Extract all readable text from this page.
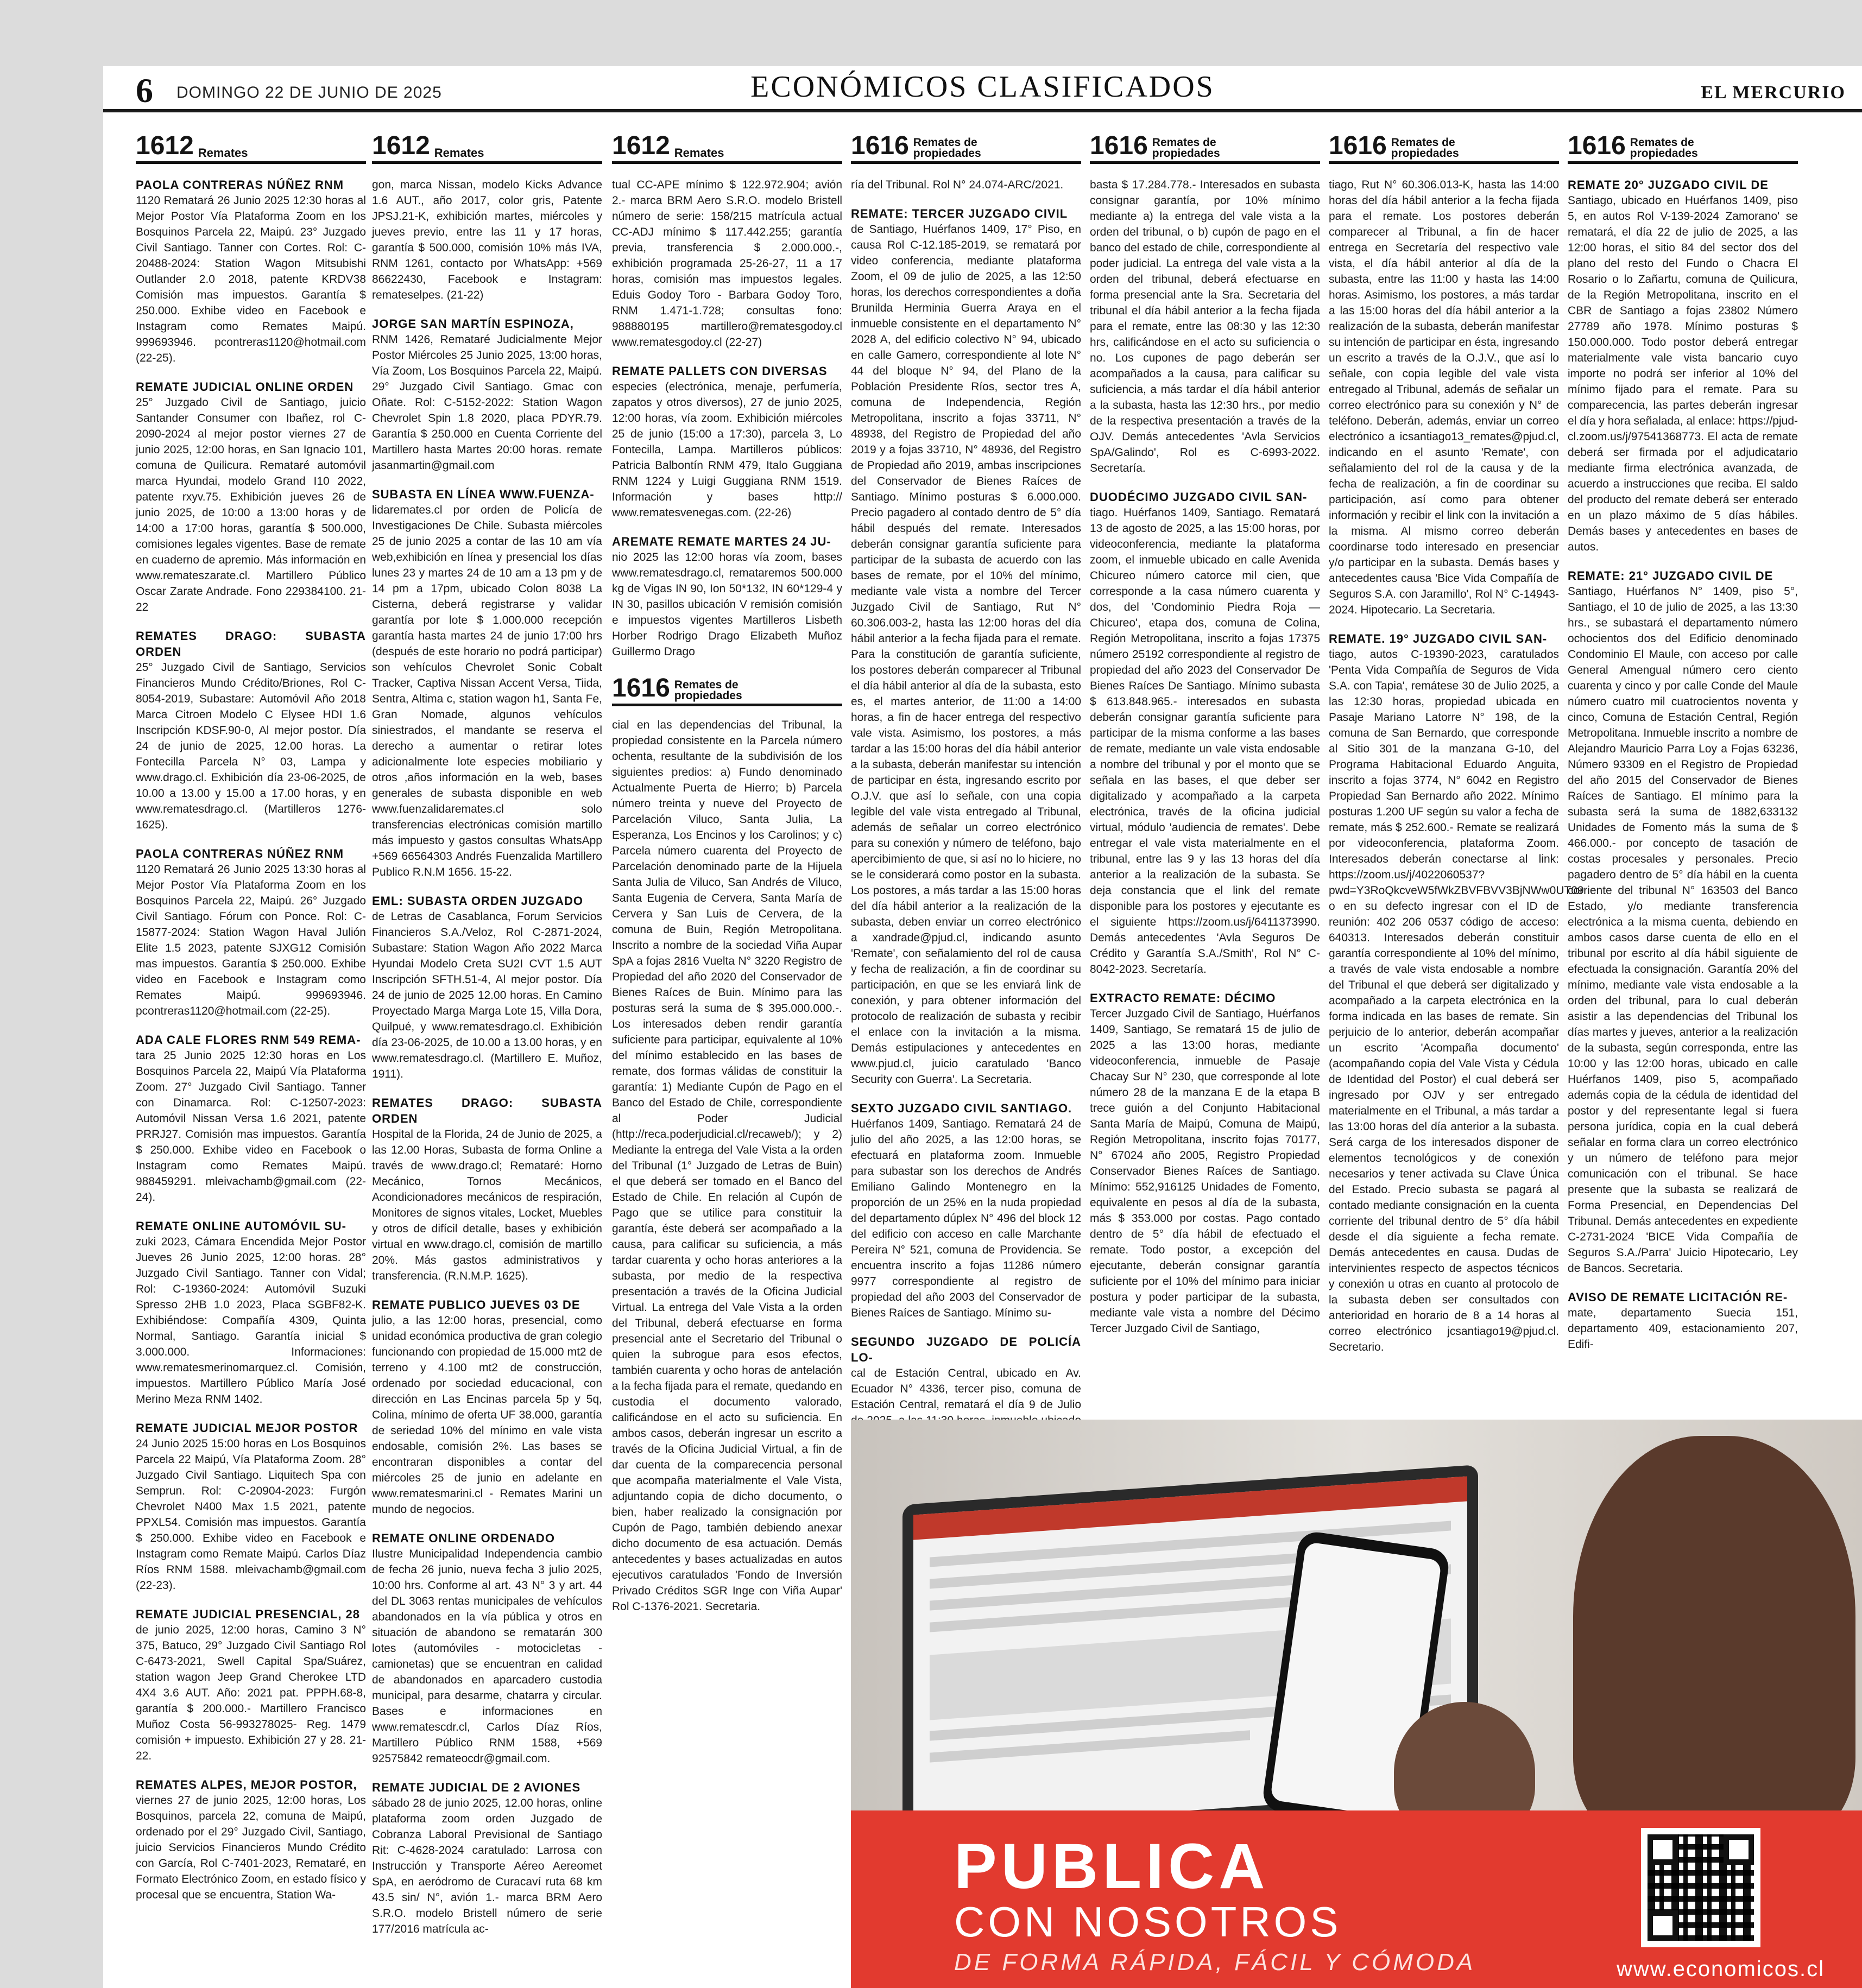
6 DOMINGO 22 DE JUNIO DE 2025	ECONÓMICOS CLASIFICADOS	EL MERCURIO
1612 Remates
PAOLA CONTRERAS NÚÑEZ RNM
1120 Rematará 26 Junio 2025 12:30 horas al Mejor Postor Vía Plataforma Zoom en los Bosquinos Parcela 22, Maipú. 23° Juzgado Civil Santiago. Tanner con Cortes. Rol: C-20488-2024: Station Wagon Mitsubishi Outlander 2.0 2018, patente KRDV38 Comisión mas impuestos. Garantía $ 250.000. Exhibe video en Facebook e Instagram como Remates Maipú. 999693946. pcontreras1120@hotmail.com (22-25).
REMATE JUDICIAL ONLINE ORDEN
25° Juzgado Civil de Santiago, juicio Santander Consumer con Ibañez, rol C-2090-2024 al mejor postor viernes 27 de junio 2025, 12:00 horas, en San Ignacio 101, comuna de Quilicura. Remataré automóvil marca Hyundai, modelo Grand I10 2022, patente rxyv.75. Exhibición jueves 26 de junio 2025, de 10:00 a 13:00 horas y de 14:00 a 17:00 horas, garantía $ 500.000, comisiones legales vigentes. Base de remate en cuaderno de apremio. Más información en www.remateszarate.cl. Martillero Público Oscar Zarate Andrade. Fono 229384100. 21-22
REMATES DRAGO: SUBASTA ORDEN
25° Juzgado Civil de Santiago, Servicios Financieros Mundo Crédito/Briones, Rol C-8054-2019, Subastare: Automóvil Año 2018 Marca Citroen Modelo C Elysee HDI 1.6 Inscripción KDSF.90-0, Al mejor postor. Día 24 de junio de 2025, 12.00 horas. La Fontecilla Parcela N° 03, Lampa y www.drago.cl. Exhibición día 23-06-2025, de 10.00 a 13.00 y 15.00 a 17.00 horas, y en www.rematesdrago.cl. (Martilleros 1276-1625).
PAOLA CONTRERAS NÚÑEZ RNM
1120 Rematará 26 Junio 2025 13:30 horas al Mejor Postor Vía Plataforma Zoom en los Bosquinos Parcela 22, Maipú. 26° Juzgado Civil Santiago. Fórum con Ponce. Rol: C-15877-2024: Station Wagon Haval Julión Elite 1.5 2023, patente SJXG12 Comisión mas impuestos. Garantía $ 250.000. Exhibe video en Facebook e Instagram como Remates Maipú. 999693946. pcontreras1120@hotmail.com (22-25).
ADA CALE FLORES RNM 549 REMA-
tara 25 Junio 2025 12:30 horas en Los Bosquinos Parcela 22, Maipú Vía Plataforma Zoom. 27° Juzgado Civil Santiago. Tanner con Dinamarca. Rol: C-12507-2023: Automóvil Nissan Versa 1.6 2021, patente PRRJ27. Comisión mas impuestos. Garantía $ 250.000. Exhibe video en Facebook o Instagram como Remates Maipú. 988459291. mleivachamb@gmail.com (22-24).
REMATE ONLINE AUTOMÓVIL SU-
zuki 2023, Cámara Encendida Mejor Postor Jueves 26 Junio 2025, 12:00 horas. 28° Juzgado Civil Santiago. Tanner con Vidal; Rol: C-19360-2024: Automóvil Suzuki Spresso 2HB 1.0 2023, Placa SGBF82-K. Exhibiéndose: Compañía 4309, Quinta Normal, Santiago. Garantía inicial $ 3.000.000. Informaciones: www.rematesmerinomarquez.cl. Comisión, impuestos. Martillero Público María José Merino Meza RNM 1402.
REMATE JUDICIAL MEJOR POSTOR
24 Junio 2025 15:00 horas en Los Bosquinos Parcela 22 Maipú, Vía Plataforma Zoom. 28° Juzgado Civil Santiago. Liquitech Spa con Semprun. Rol: C-20904-2023: Furgón Chevrolet N400 Max 1.5 2021, patente PPXL54. Comisión mas impuestos. Garantía $ 250.000. Exhibe video en Facebook e Instagram como Remate Maipú. Carlos Díaz Ríos RNM 1588. mleivachamb@gmail.com (22-23).
REMATE JUDICIAL PRESENCIAL, 28
de junio 2025, 12:00 horas, Camino 3 N° 375, Batuco, 29° Juzgado Civil Santiago Rol C-6473-2021, Swell Capital Spa/Suárez, station wagon Jeep Grand Cherokee LTD 4X4 3.6 AUT. Año: 2021 pat. PPPH.68-8, garantía $ 200.000.- Martillero Francisco Muñoz Costa 56-993278025- Reg. 1479 comisión + impuesto. Exhibición 27 y 28. 21-22.
REMATES ALPES, MEJOR POSTOR,
viernes 27 de junio 2025, 12:00 horas, Los Bosquinos, parcela 22, comuna de Maipú, ordenado por el 29° Juzgado Civil, Santiago, juicio Servicios Financieros Mundo Crédito con García, Rol C-7401-2023, Remataré, en Formato Electrónico Zoom, en estado físico y procesal que se encuentra, Station Wa-
1612 Remates
gon, marca Nissan, modelo Kicks Advance 1.6 AUT., año 2017, color gris, Patente JPSJ.21-K, exhibición martes, miércoles y jueves previo, entre las 11 y 17 horas, garantía $ 500.000, comisión 10% más IVA, RNM 1261, contacto por WhatsApp: +569 86622430, Facebook e Instagram: remateselpes. (21-22)
JORGE SAN MARTÍN ESPINOZA,
RNM 1426, Remataré Judicialmente Mejor Postor Miércoles 25 Junio 2025, 13:00 horas, Vía Zoom, Los Bosquinos Parcela 22, Maipú. 29° Juzgado Civil Santiago. Gmac con Oñate. Rol: C-5152-2022: Station Wagon Chevrolet Spin 1.8 2020, placa PDYR.79. Garantía $ 250.000 en Cuenta Corriente del Martillero hasta Martes 20:00 horas. remate jasanmartin@gmail.com
SUBASTA EN LÍNEA WWW.FUENZA-
lidaremates.cl por orden de Policía de Investigaciones De Chile. Subasta miércoles 25 de junio 2025 a contar de las 10 am vía web,exhibición en línea y presencial los días lunes 23 y martes 24 de 10 am a 13 pm y de 14 pm a 17pm, ubicado Colon 8038 La Cisterna, deberá registrarse y validar garantía por lote $ 1.000.000 recepción garantía hasta martes 24 de junio 17:00 hrs (después de este horario no podrá participar) son vehículos Chevrolet Sonic Cobalt Tracker, Captiva Nissan Accent Versa, Tiida, Sentra, Altima c, station wagon h1, Santa Fe, Gran Nomade, algunos vehículos siniestrados, el mandante se reserva el derecho a aumentar o retirar lotes adicionalmente lote especies mobiliario y otros ,años información en la web, bases generales de subasta disponible en web www.fuenzalidaremates.cl solo transferencias electrónicas comisión martillo más impuesto y gastos consultas WhatsApp +569 66564303 Andrés Fuenzalida Martillero Publico R.N.M 1656. 15-22.
EML: SUBASTA ORDEN JUZGADO
de Letras de Casablanca, Forum Servicios Financieros S.A./Veloz, Rol C-2871-2024, Subastare: Station Wagon Año 2022 Marca Hyundai Modelo Creta SU2I CVT 1.5 AUT Inscripción SFTH.51-4, Al mejor postor. Día 24 de junio de 2025 12.00 horas. En Camino Proyectado Marga Marga Lote 15, Villa Dora, Quilpué, y www.rematesdrago.cl. Exhibición día 23-06-2025, de 10.00 a 13.00 horas, y en www.rematesdrago.cl. (Martillero E. Muñoz, 1911).
REMATES DRAGO: SUBASTA ORDEN
Hospital de la Florida, 24 de Junio de 2025, a las 12.00 Horas, Subasta de forma Online a través de www.drago.cl; Remataré: Horno Mecánico, Tornos Mecánicos, Acondicionadores mecánicos de respiración, Monitores de signos vitales, Locket, Muebles y otros de difícil detalle, bases y exhibición virtual en www.drago.cl, comisión de martillo 20%. Más gastos administrativos y transferencia. (R.N.M.P. 1625).
REMATE PUBLICO JUEVES 03 DE
julio, a las 12:00 horas, presencial, como unidad económica productiva de gran colegio funcionando con propiedad de 15.000 mt2 de terreno y 4.100 mt2 de construcción, ordenado por sociedad educacional, con dirección en Las Encinas parcela 5p y 5q, Colina, mínimo de oferta UF 38.000, garantía de seriedad 10% del mínimo en vale vista endosable, comisión 2%. Las bases se encontraran disponibles a contar del miércoles 25 de junio en adelante en www.rematesmarini.cl - Remates Marini un mundo de negocios.
REMATE ONLINE ORDENADO
Ilustre Municipalidad Independencia cambio de fecha 26 junio, nueva fecha 3 julio 2025, 10:00 hrs. Conforme al art. 43 N° 3 y art. 44 del DL 3063 rentas municipales de vehículos abandonados en la vía pública y otros en situación de abandono se rematarán 300 lotes (automóviles - motocicletas - camionetas) que se encuentran en calidad de abandonados en aparcadero custodia municipal, para desarme, chatarra y circular. Bases e informaciones en www.rematescdr.cl, Carlos Díaz Ríos, Martillero Público RNM 1588, +569 92575842 remateocdr@gmail.com.
REMATE JUDICIAL DE 2 AVIONES
sábado 28 de junio 2025, 12.00 horas, online plataforma zoom orden Juzgado de Cobranza Laboral Previsional de Santiago Rit: C-4628-2024 caratulado: Larrosa con Instrucción y Transporte Aéreo Aereomet SpA, en aeródromo de Curacaví ruta 68 km 43.5 sin/ N°, avión 1.- marca BRM Aero S.R.O. modelo Bristell número de serie 177/2016 matrícula ac-
1612 Remates
tual CC-APE mínimo $ 122.972.904; avión 2.- marca BRM Aero S.R.O. modelo Bristell número de serie: 158/215 matrícula actual CC-ADJ mínimo $ 117.442.255; garantía previa, transferencia $ 2.000.000.-, exhibición programada 25-26-27, 11 a 17 horas, comisión mas impuestos legales. Eduis Godoy Toro - Barbara Godoy Toro, RNM 1.471-1.728; consultas fono: 988880195 martillero@rematesgodoy.cl www.rematesgodoy.cl (22-27)
REMATE PALLETS CON DIVERSAS
especies (electrónica, menaje, perfumería, zapatos y otros diversos), 27 de junio 2025, 12:00 horas, vía zoom. Exhibición miércoles 25 de junio (15:00 a 17:30), parcela 3, Lo Fontecilla, Lampa. Martilleros públicos: Patricia Balbontín RNM 479, Italo Guggiana RNM 1224 y Luigi Guggiana RNM 1519. Información y bases http:// www.rematesvenegas.com. (22-26)
AREMATE REMATE MARTES 24 JU-
nio 2025 las 12:00 horas vía zoom, bases www.rematesdrago.cl, remataremos 500.000 kg de Vigas IN 90, Ion 50*132, IN 60*129-4 y IN 30, pasillos ubicación V remisión comisión e impuestos vigentes Martilleros Lisbeth Horber Rodrigo Drago Elizabeth Muñoz Guillermo Drago
1616 Remates de
propiedades
cial en las dependencias del Tribunal, la propiedad consistente en la Parcela número ochenta, resultante de la subdivisión de los siguientes predios: a) Fundo denominado Actualmente Puerta de Hierro; b) Parcela número treinta y nueve del Proyecto de Parcelación Viluco, Santa Julia, La Esperanza, Los Encinos y los Carolinos; y c) Parcela número cuarenta del Proyecto de Parcelación denominado parte de la Hijuela Santa Julia de Viluco, San Andrés de Viluco, Santa Eugenia de Cervera, Santa María de Cervera y San Luis de Cervera, de la comuna de Buin, Región Metropolitana. Inscrito a nombre de la sociedad Viña Aupar SpA a fojas 2816 Vuelta N° 3220 Registro de Propiedad del año 2020 del Conservador de Bienes Raíces de Buin. Mínimo para las posturas será la suma de $ 395.000.000.-. Los interesados deben rendir garantía suficiente para participar, equivalente al 10% del mínimo establecido en las bases de remate, dos formas válidas de constituir la garantía: 1) Mediante Cupón de Pago en el Banco del Estado de Chile, correspondiente al Poder Judicial (http://reca.poderjudicial.cl/recaweb/); y 2) Mediante la entrega del Vale Vista a la orden del Tribunal (1° Juzgado de Letras de Buin) el que deberá ser tomado en el Banco del Estado de Chile. En relación al Cupón de Pago que se utilice para constituir la garantía, éste deberá ser acompañado a la causa, para calificar su suficiencia, a más tardar cuarenta y ocho horas anteriores a la subasta, por medio de la respectiva presentación a través de la Oficina Judicial Virtual. La entrega del Vale Vista a la orden del Tribunal, deberá efectuarse en forma presencial ante el Secretario del Tribunal o quien la subrogue para esos efectos, también cuarenta y ocho horas de antelación a la fecha fijada para el remate, quedando en custodia el documento valorado, calificándose en el acto su suficiencia. En ambos casos, deberán ingresar un escrito a través de la Oficina Judicial Virtual, a fin de dar cuenta de la comparecencia personal que acompaña materialmente el Vale Vista, adjuntando copia de dicho documento, o bien, haber realizado la consignación por Cupón de Pago, también debiendo anexar dicho documento de esa actuación. Demás antecedentes y bases actualizadas en autos ejecutivos caratulados 'Fondo de Inversión Privado Créditos SGR Inge con Viña Aupar' Rol C-1376-2021. Secretaria.
1616 Remates de
propiedades
ría del Tribunal. Rol N° 24.074-ARC/2021.
REMATE: TERCER JUZGADO CIVIL
de Santiago, Huérfanos 1409, 17° Piso, en causa Rol C-12.185-2019, se rematará por video conferencia, mediante plataforma Zoom, el 09 de julio de 2025, a las 12:50 horas, los derechos correspondientes a doña Brunilda Herminia Guerra Araya en el inmueble consistente en el departamento N° 2028 A, del edificio colectivo N° 94, ubicado en calle Gamero, correspondiente al lote N° 44 del bloque N° 94, del Plano de la Población Presidente Ríos, sector tres A, comuna de Independencia, Región Metropolitana, inscrito a fojas 33711, N° 48938, del Registro de Propiedad del año 2019 y a fojas 33710, N° 48936, del Registro de Propiedad año 2019, ambas inscripciones del Conservador de Bienes Raíces de Santiago. Mínimo posturas $ 6.000.000. Precio pagadero al contado dentro de 5° día hábil después del remate. Interesados deberán consignar garantía suficiente para participar de la subasta de acuerdo con las bases de remate, por el 10% del mínimo, mediante vale vista a nombre del Tercer Juzgado Civil de Santiago, Rut N° 60.306.003-2, hasta las 12:00 horas del día hábil anterior a la fecha fijada para el remate. Para la constitución de garantía suficiente, los postores deberán comparecer al Tribunal el día hábil anterior al día de la subasta, esto es, el martes anterior, de 11:00 a 14:00 horas, a fin de hacer entrega del respectivo vale vista. Asimismo, los postores, a más tardar a las 15:00 horas del día hábil anterior a la subasta, deberán manifestar su intención de participar en ésta, ingresando escrito por O.J.V. que así lo señale, con una copia legible del vale vista entregado al Tribunal, además de señalar un correo electrónico para su conexión y número de teléfono, bajo apercibimiento de que, si así no lo hiciere, no se le considerará como postor en la subasta. Los postores, a más tardar a las 15:00 horas del día hábil anterior a la realización de la subasta, deben enviar un correo electrónico a xandrade@pjud.cl, indicando asunto 'Remate', con señalamiento del rol de causa y fecha de realización, a fin de coordinar su participación, en que se les enviará link de conexión, y para obtener información del protocolo de realización de subasta y recibir el enlace con la invitación a la misma. Demás estipulaciones y antecedentes en www.pjud.cl, juicio caratulado 'Banco Security con Guerra'. La Secretaria.
SEXTO JUZGADO CIVIL SANTIAGO.
Huérfanos 1409, Santiago. Rematará 24 de julio del año 2025, a las 12:00 horas, se efectuará en plataforma zoom. Inmueble para subastar son los derechos de Andrés Emiliano Galindo Montenegro en la proporción de un 25% en la nuda propiedad del departamento dúplex N° 496 del block 12 del edificio con acceso en calle Marchante Pereira N° 521, comuna de Providencia. Se encuentra inscrito a fojas 11286 número 9977 correspondiente al registro de propiedad del año 2003 del Conservador de Bienes Raíces de Santiago. Mínimo su-
SEGUNDO JUZGADO DE POLICÍA LO-
cal de Estación Central, ubicado en Av. Ecuador N° 4336, tercer piso, comuna de Estación Central, rematará el día 9 de Julio
1616 Remates de
propiedades
basta $ 17.284.778.- Interesados en subasta consignar garantía, por 10% mínimo mediante a) la entrega del vale vista a la orden del tribunal, o b) cupón de pago en el banco del estado de chile, correspondiente al poder judicial. La entrega del vale vista a la orden del tribunal, deberá efectuarse en forma presencial ante la Sra. Secretaria del tribunal el día hábil anterior a la fecha fijada para el remate, entre las 08:30 y las 12:30 hrs, calificándose en el acto su suficiencia o no. Los cupones de pago deberán ser acompañados a la causa, para calificar su suficiencia, a más tardar el día hábil anterior a la subasta, hasta las 12:30 hrs., por medio de la respectiva presentación a través de la OJV. Demás antecedentes 'Avla Servicios SpA/Galindo', Rol es C-6993-2022. Secretaría.
DUODÉCIMO JUZGADO CIVIL SAN-
tiago. Huérfanos 1409, Santiago. Rematará 13 de agosto de 2025, a las 15:00 horas, por videoconferencia, mediante la plataforma zoom, el inmueble ubicado en calle Avenida Chicureo número catorce mil cien, que corresponde a la casa número cuarenta y dos, del 'Condominio Piedra Roja — Chicureo', etapa dos, comuna de Colina, Región Metropolitana, inscrito a fojas 17375 número 25192 correspondiente al registro de propiedad del año 2023 del Conservador De Bienes Raíces De Santiago. Mínimo subasta $ 613.848.965.- interesados en subasta deberán consignar garantía suficiente para participar de la misma conforme a las bases de remate, mediante un vale vista endosable a nombre del tribunal y por el monto que se señala en las bases, el que deber ser digitalizado y acompañado a la carpeta electrónica, través de la oficina judicial virtual, módulo 'audiencia de remates'. Debe entregar el vale vista materialmente en el tribunal, entre las 9 y las 13 horas del día anterior a la realización de la subasta. Se deja constancia que el link del remate disponible para los postores y ejecutante es el siguiente https://zoom.us/j/6411373990. Demás antecedentes 'Avla Seguros De Crédito y Garantía S.A./Smith', Rol N° C-8042-2023. Secretaría.
EXTRACTO REMATE: DÉCIMO
Tercer Juzgado Civil de Santiago, Huérfanos 1409, Santiago, Se rematará 15 de julio de 2025 a las 13:00 horas, mediante videoconferencia, inmueble de Pasaje Chacay Sur N° 230, que corresponde al lote número 28 de la manzana E de la etapa B trece guión a del Conjunto Habitacional Santa María de Maipú, Comuna de Maipú, Región Metropolitana, inscrito fojas 70177, N° 67024 año 2005, Registro Propiedad Conservador Bienes Raíces de Santiago. Mínimo: 552,916125 Unidades de Fomento, equivalente en pesos al día de la subasta, más $ 353.000 por costas. Pago contado dentro de 5° día hábil de efectuado el remate. Todo postor, a excepción del ejecutante, deberán consignar garantía suficiente por el 10% del mínimo para iniciar postura y poder participar de la subasta, mediante vale vista a nombre del Décimo Tercer Juzgado Civil de Santiago,
1616 Remates de
propiedades
tiago, Rut N° 60.306.013-K, hasta las 14:00 horas del día hábil anterior a la fecha fijada para el remate. Los postores deberán comparecer al Tribunal, a fin de hacer entrega en Secretaría del respectivo vale vista, el día hábil anterior al día de la subasta, entre las 11:00 y hasta las 14:00 horas. Asimismo, los postores, a más tardar a las 15:00 horas del día hábil anterior a la realización de la subasta, deberán manifestar su intención de participar en ésta, ingresando un escrito a través de la O.J.V., que así lo señale, con copia legible del vale vista entregado al Tribunal, además de señalar un correo electrónico para su conexión y N° de teléfono. Deberán, además, enviar un correo electrónico a icsantiago13_remates@pjud.cl, indicando en el asunto 'Remate', con señalamiento del rol de la causa y de la fecha de realización, a fin de coordinar su participación, así como para obtener información y recibir el link con la invitación a la misma. Al mismo correo deberán coordinarse todo interesado en presenciar y/o participar en la subasta. Demás bases y antecedentes causa 'Bice Vida Compañía de Seguros S.A. con Jaramillo', Rol N° C-14943-2024. Hipotecario. La Secretaria.
REMATE. 19° JUZGADO CIVIL SAN-
tiago, autos C-19390-2023, caratulados 'Penta Vida Compañía de Seguros de Vida S.A. con Tapia', remátese 30 de Julio 2025, a las 12:30 horas, propiedad ubicada en Pasaje Mariano Latorre N° 198, de la comuna de San Bernardo, que corresponde al Sitio 301 de la manzana G-10, del Programa Habitacional Eduardo Anguita, inscrito a fojas 3774, N° 6042 en Registro Propiedad San Bernardo año 2022. Mínimo posturas 1.200 UF según su valor a fecha de remate, más $ 252.600.- Remate se realizará por videoconferencia, plataforma Zoom. Interesados deberán conectarse al link: https://zoom.us/j/4022060537?pwd=Y3RoQkcveW5fWkZBVFBVV3BjNWw0UT09 o en su defecto ingresar con el ID de reunión: 402 206 0537 código de acceso: 640313. Interesados deberán constituir garantía correspondiente al 10% del mínimo, a través de vale vista endosable a nombre del Tribunal el que deberá ser digitalizado y acompañado a la carpeta electrónica en la forma indicada en las bases de remate. Sin perjuicio de lo anterior, deberán acompañar un escrito 'Acompaña documento' (acompañando copia del Vale Vista y Cédula de Identidad del Postor) el cual deberá ser ingresado por OJV y ser entregado materialmente en el Tribunal, a más tardar a las 13:00 horas del día anterior a la subasta. Será carga de los interesados disponer de elementos tecnológicos y de conexión necesarios y tener activada su Clave Única del Estado. Precio subasta se pagará al contado mediante consignación en la cuenta corriente del tribunal dentro de 5° día hábil desde el día siguiente a fecha remate. Demás antecedentes en causa. Dudas de intervinientes respecto de aspectos técnicos y conexión u otras en cuanto al protocolo de la subasta deben ser consultados con anterioridad en horario de 8 a 14 horas al correo electrónico jcsantiago19@pjud.cl. Secretario.
1616 Remates de
propiedades
REMATE 20° JUZGADO CIVIL DE
Santiago, ubicado en Huérfanos 1409, piso 5, en autos Rol V-139-2024 Zamorano' se rematará, el día 22 de julio de 2025, a las 12:00 horas, el sitio 84 del sector dos del plano del resto del Fundo o Chacra El Rosario o lo Zañartu, comuna de Quilicura, de la Región Metropolitana, inscrito en el CBR de Santiago a fojas 23802 Número 27789 año 1978. Mínimo posturas $ 150.000.000. Todo postor deberá entregar materialmente vale vista bancario cuyo importe no podrá ser inferior al 10% del mínimo fijado para el remate. Para su comparecencia, las partes deberán ingresar el día y hora señalada, al enlace: https://pjud-cl.zoom.us/j/97541368773. El acta de remate deberá ser firmada por el adjudicatario mediante firma electrónica avanzada, de acuerdo a instrucciones que reciba. El saldo del producto del remate deberá ser enterado en un plazo máximo de 5 días hábiles. Demás bases y antecedentes en bases de autos.
REMATE: 21° JUZGADO CIVIL DE
Santiago, Huérfanos N° 1409, piso 5°, Santiago, el 10 de julio de 2025, a las 13:30 hrs., se subastará el departamento número ochocientos dos del Edificio denominado Condominio El Maule, con acceso por calle General Amengual número cero ciento cuarenta y cinco y por calle Conde del Maule número cuatro mil cuatrocientos noventa y cinco, Comuna de Estación Central, Región Metropolitana. Inmueble inscrito a nombre de Alejandro Mauricio Parra Loy a Fojas 63236, Número 93309 en el Registro de Propiedad del año 2015 del Conservador de Bienes Raíces de Santiago. El mínimo para la subasta será la suma de 1882,633132 Unidades de Fomento más la suma de $ 466.000.- por concepto de tasación de costas procesales y personales. Precio pagadero dentro de 5° día hábil en la cuenta corriente del tribunal N° 163503 del Banco Estado, y/o mediante transferencia electrónica a la misma cuenta, debiendo en ambos casos darse cuenta de ello en el tribunal por escrito al día hábil siguiente de efectuada la consignación. Garantía 20% del mínimo, mediante vale vista endosable a la orden del tribunal, para lo cual deberán asistir a las dependencias del Tribunal los días martes y jueves, anterior a la realización de la subasta, según corresponda, entre las 10:00 y las 12:00 horas, ubicado en calle Huérfanos 1409, piso 5, acompañado además copia de la cédula de identidad del postor y del representante legal si fuera persona jurídica, copia en la cual deberá señalar en forma clara un correo electrónico y un número de teléfono para mejor comunicación con el tribunal. Se hace presente que la subasta se realizará de Forma Presencial, en Dependencias Del Tribunal. Demás antecedentes en expediente C-2731-2024 'BICE Vida Compañía de Seguros S.A./Parra' Juicio Hipotecario, Ley de Bancos. Secretaria.
AVISO DE REMATE LICITACIÓN RE-
mate, departamento Suecia 151, departamento 409, estacionamiento 207, Edifi-
PUBLICA
CON NOSOTROS
DE FORMA RÁPIDA, FÁCIL Y CÓMODA	www.economicos.cl
